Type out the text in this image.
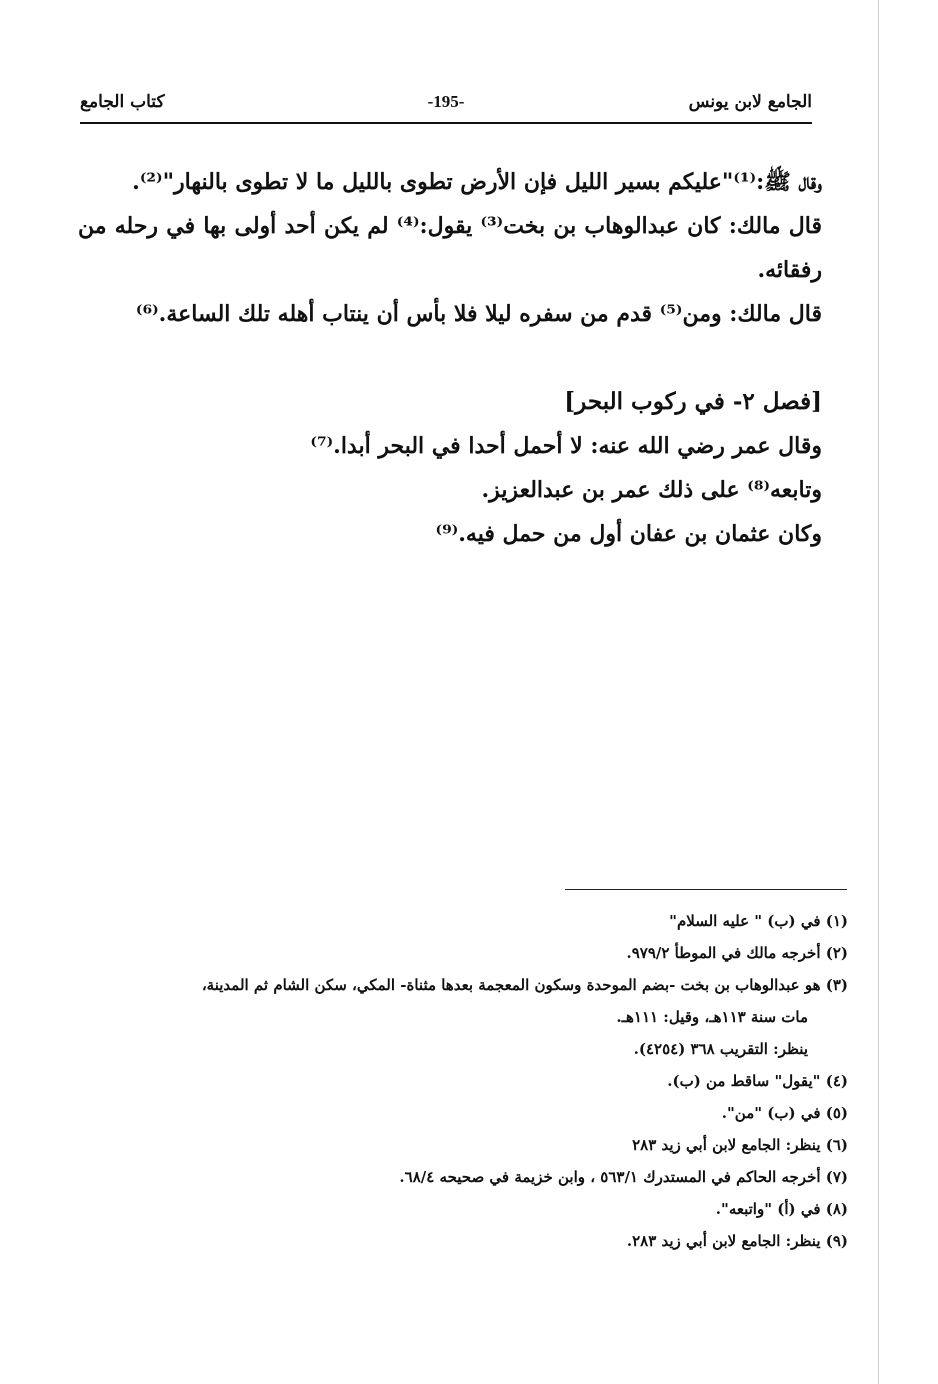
الجامع لابن يونس
-195-
كتاب الجامع

وقال ﷺ:⁽¹⁾"عليكم بسير الليل فإن الأرض تطوى بالليل ما لا تطوى بالنهار"⁽²⁾.

قال مالك: كان عبدالوهاب بن بخت⁽³⁾ يقول:⁽⁴⁾ لم يكن أحد أولى بها في رحله من رفقائه.

قال مالك: ومن⁽⁵⁾ قدم من سفره ليلا فلا بأس أن ينتاب أهله تلك الساعة.⁽⁶⁾

[فصل ٢- في ركوب البحر]

وقال عمر رضي الله عنه: لا أحمل أحدا في البحر أبدا.⁽⁷⁾

وتابعه⁽⁸⁾ على ذلك عمر بن عبدالعزيز.

وكان عثمان بن عفان أول من حمل فيه.⁽⁹⁾

(١) في (ب) " عليه السلام"
(٢) أخرجه مالك في الموطأ ٩٧٩/٢.
(٣) هو عبدالوهاب بن بخت -بضم الموحدة وسكون المعجمة بعدها مثناة- المكي، سكن الشام ثم المدينة،
مات سنة ١١٣هـ، وقيل: ١١١هـ.
ينظر: التقريب ٣٦٨ (٤٢٥٤).
(٤) "يقول" ساقط من (ب).
(٥) في (ب) "من".
(٦) ينظر: الجامع لابن أبي زيد ٢٨٣
(٧) أخرجه الحاكم في المستدرك ٥٦٣/١ ، وابن خزيمة في صحيحه ٦٨/٤.
(٨) في (أ) "واتبعه".
(٩) ينظر: الجامع لابن أبي زيد ٢٨٣.
